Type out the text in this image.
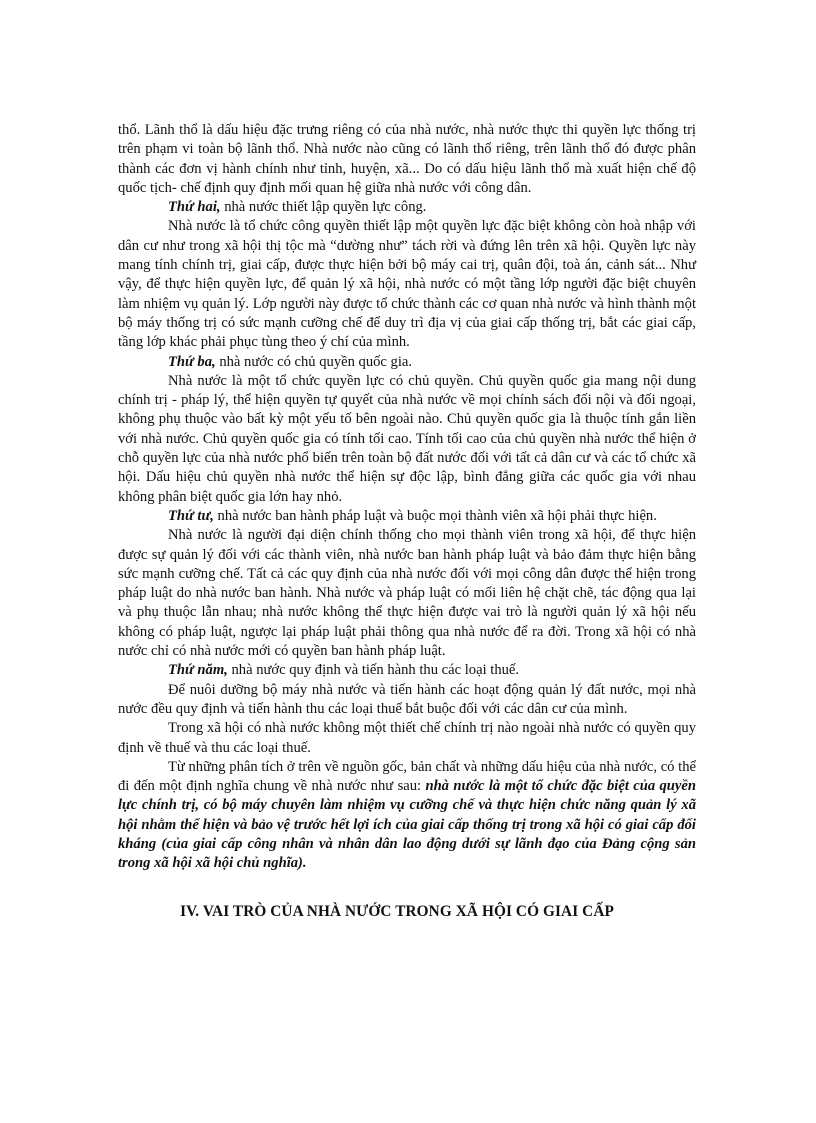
thổ. Lãnh thổ là dấu hiệu đặc trưng riêng có của nhà nước, nhà nước thực thi quyền lực thống trị trên phạm vi toàn bộ lãnh thổ. Nhà nước nào cũng có lãnh thổ riêng, trên lãnh thổ đó được phân thành các đơn vị hành chính như tỉnh, huyện, xã... Do có dấu hiệu lãnh thổ mà xuất hiện chế độ quốc tịch- chế định quy định mối quan hệ giữa nhà nước với công dân.

Thứ hai, nhà nước thiết lập quyền lực công.

Nhà nước là tổ chức công quyền thiết lập một quyền lực đặc biệt không còn hoà nhập với dân cư như trong xã hội thị tộc mà “dường như” tách rời và đứng lên trên xã hội. Quyền lực này mang tính chính trị, giai cấp, được thực hiện bởi bộ máy cai trị, quân đội, toà án, cảnh sát... Như vậy, để thực hiện quyền lực, để quản lý xã hội, nhà nước có một tầng lớp người đặc biệt chuyên làm nhiệm vụ quản lý. Lớp người này được tổ chức thành các cơ quan nhà nước và hình thành một bộ máy thống trị có sức mạnh cưỡng chế để duy trì địa vị của giai cấp thống trị, bắt các giai cấp, tầng lớp khác phải phục tùng theo ý chí của mình.

Thứ ba, nhà nước có chủ quyền quốc gia.

Nhà nước là một tổ chức quyền lực có chủ quyền. Chủ quyền quốc gia mang nội dung chính trị - pháp lý, thể hiện quyền tự quyết của nhà nước về mọi chính sách đối nội và đối ngoại, không phụ thuộc vào bất kỳ một yếu tố bên ngoài nào. Chủ quyền quốc gia là thuộc tính gắn liền với nhà nước. Chủ quyền quốc gia có tính tối cao. Tính tối cao của chủ quyền nhà nước thể hiện ở chỗ quyền lực của nhà nước phổ biến trên toàn bộ đất nước đối với tất cả dân cư và các tổ chức xã hội. Dấu hiệu chủ quyền nhà nước thể hiện sự độc lập, bình đẳng giữa các quốc gia với nhau không phân biệt quốc gia lớn hay nhỏ.

Thứ tư, nhà nước ban hành pháp luật và buộc mọi thành viên xã hội phải thực hiện.

Nhà nước là người đại diện chính thống cho mọi thành viên trong xã hội, để thực hiện được sự quản lý đối với các thành viên, nhà nước ban hành pháp luật và bảo đảm thực hiện bằng sức mạnh cưỡng chế. Tất cả các quy định của nhà nước đối với mọi công dân được thể hiện trong pháp luật do nhà nước ban hành. Nhà nước và pháp luật có mối liên hệ chặt chẽ, tác động qua lại và phụ thuộc lẫn nhau; nhà nước không thể thực hiện được vai trò là người quản lý xã hội nếu không có pháp luật, ngược lại pháp luật phải thông qua nhà nước để ra đời. Trong xã hội có nhà nước chỉ có nhà nước mới có quyền ban hành pháp luật.

Thứ năm, nhà nước quy định và tiến hành thu các loại thuế.

Để nuôi dưỡng bộ máy nhà nước và tiến hành các hoạt động quản lý đất nước, mọi nhà nước đều quy định và tiến hành thu các loại thuế bắt buộc đối với các dân cư của mình.

Trong xã hội có nhà nước không một thiết chế chính trị nào ngoài nhà nước có quyền quy định về thuế và thu các loại thuế.

Từ những phân tích ở trên về nguồn gốc, bản chất và những dấu hiệu của nhà nước, có thể đi đến một định nghĩa chung về nhà nước như sau: nhà nước là một tổ chức đặc biệt của quyền lực chính trị, có bộ máy chuyên làm nhiệm vụ cưỡng chế và thực hiện chức năng quản lý xã hội nhằm thể hiện và bảo vệ trước hết lợi ích của giai cấp thống trị trong xã hội có giai cấp đối kháng (của giai cấp công nhân và nhân dân lao động dưới sự lãnh đạo của Đảng cộng sản trong xã hội xã hội chủ nghĩa).

IV. VAI TRÒ CỦA NHÀ NƯỚC TRONG XÃ HỘI CÓ GIAI CẤP
